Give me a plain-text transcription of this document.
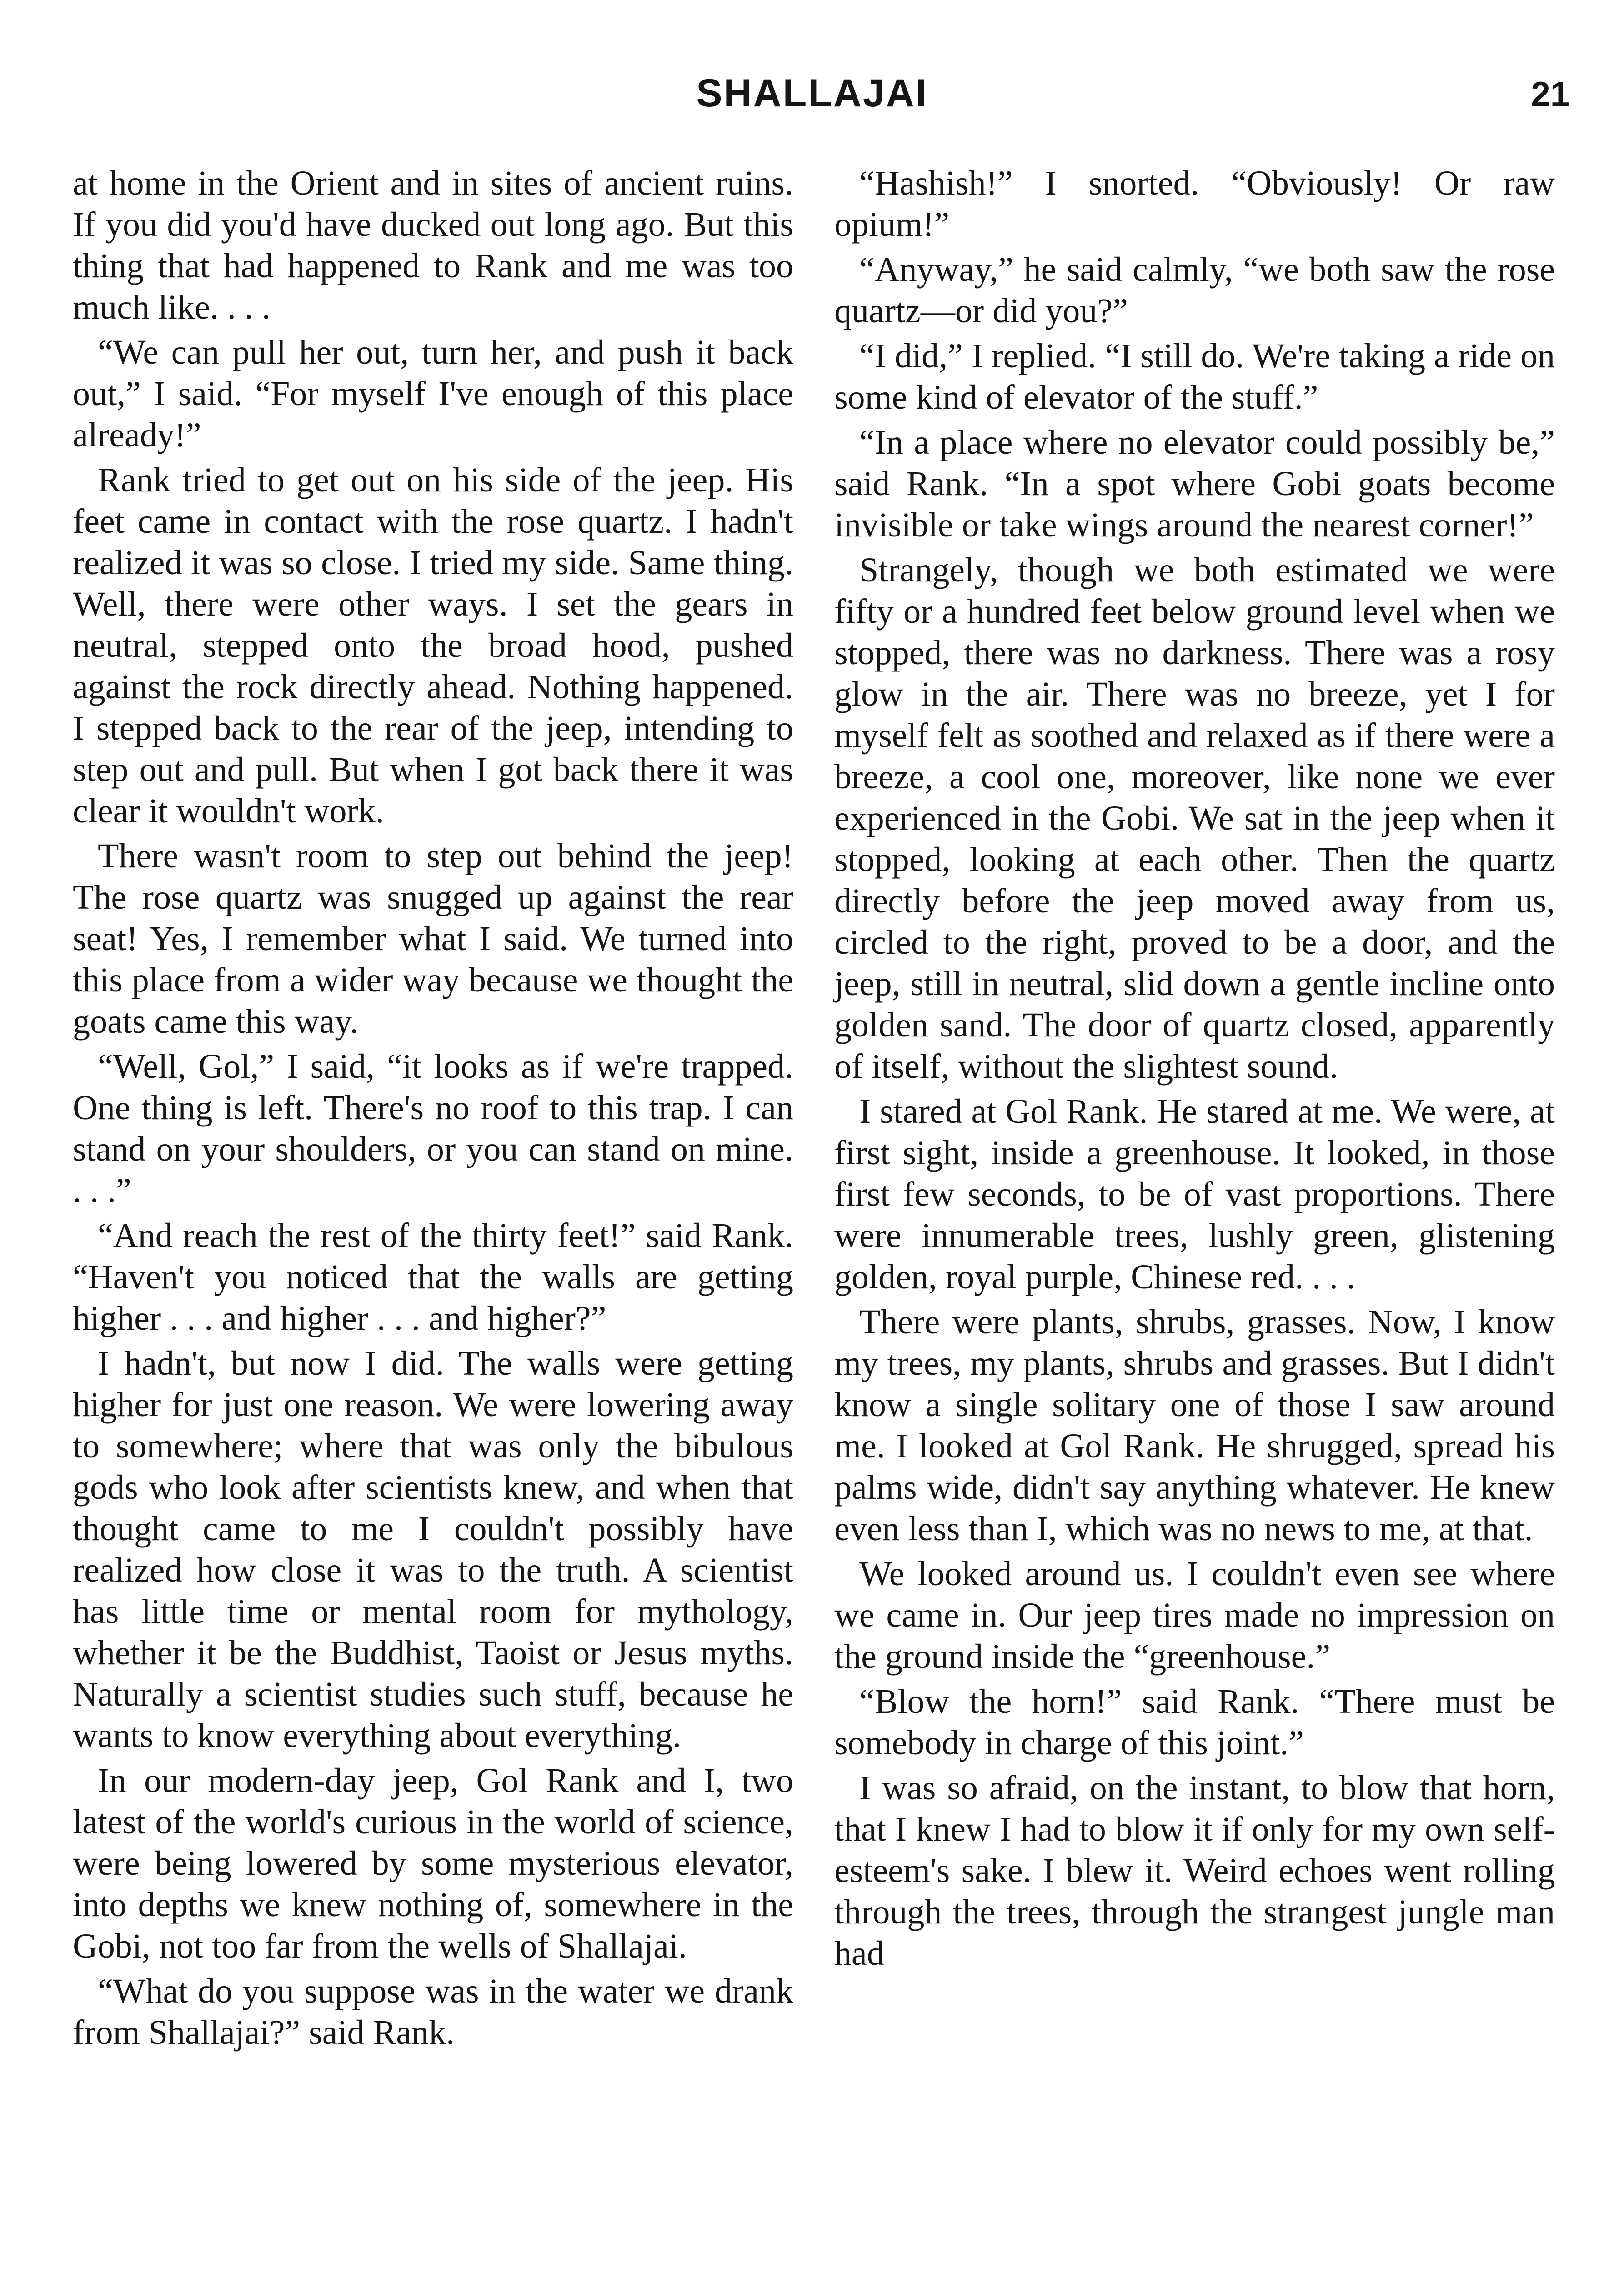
SHALLAJAI	21

at home in the Orient and in sites of ancient ruins. If you did you'd have ducked out long ago. But this thing that had happened to Rank and me was too much like. . . .

“We can pull her out, turn her, and push it back out,” I said. “For myself I've enough of this place already!”

Rank tried to get out on his side of the jeep. His feet came in contact with the rose quartz. I hadn't realized it was so close. I tried my side. Same thing. Well, there were other ways. I set the gears in neutral, stepped onto the broad hood, pushed against the rock directly ahead. Nothing happened. I stepped back to the rear of the jeep, intending to step out and pull. But when I got back there it was clear it wouldn't work.

There wasn't room to step out behind the jeep! The rose quartz was snugged up against the rear seat! Yes, I remember what I said. We turned into this place from a wider way because we thought the goats came this way.

“Well, Gol,” I said, “it looks as if we're trapped. One thing is left. There's no roof to this trap. I can stand on your shoulders, or you can stand on mine. . . .”

“And reach the rest of the thirty feet!” said Rank. “Haven't you noticed that the walls are getting higher . . . and higher . . . and higher?”

I hadn't, but now I did. The walls were getting higher for just one reason. We were lowering away to somewhere; where that was only the bibulous gods who look after scientists knew, and when that thought came to me I couldn't possibly have realized how close it was to the truth. A scientist has little time or mental room for mythology, whether it be the Buddhist, Taoist or Jesus myths. Naturally a scientist studies such stuff, because he wants to know everything about everything.

In our modern-day jeep, Gol Rank and I, two latest of the world's curious in the world of science, were being lowered by some mysterious elevator, into depths we knew nothing of, somewhere in the Gobi, not too far from the wells of Shallajai.

“What do you suppose was in the water we drank from Shallajai?” said Rank.

“Hashish!” I snorted. “Obviously! Or raw opium!”

“Anyway,” he said calmly, “we both saw the rose quartz—or did you?”

“I did,” I replied. “I still do. We're taking a ride on some kind of elevator of the stuff.”

“In a place where no elevator could possibly be,” said Rank. “In a spot where Gobi goats become invisible or take wings around the nearest corner!”

Strangely, though we both estimated we were fifty or a hundred feet below ground level when we stopped, there was no darkness. There was a rosy glow in the air. There was no breeze, yet I for myself felt as soothed and relaxed as if there were a breeze, a cool one, moreover, like none we ever experienced in the Gobi. We sat in the jeep when it stopped, looking at each other. Then the quartz directly before the jeep moved away from us, circled to the right, proved to be a door, and the jeep, still in neutral, slid down a gentle incline onto golden sand. The door of quartz closed, apparently of itself, without the slightest sound.

I stared at Gol Rank. He stared at me. We were, at first sight, inside a greenhouse. It looked, in those first few seconds, to be of vast proportions. There were innumerable trees, lushly green, glistening golden, royal purple, Chinese red. . . .

There were plants, shrubs, grasses. Now, I know my trees, my plants, shrubs and grasses. But I didn't know a single solitary one of those I saw around me. I looked at Gol Rank. He shrugged, spread his palms wide, didn't say anything whatever. He knew even less than I, which was no news to me, at that.

We looked around us. I couldn't even see where we came in. Our jeep tires made no impression on the ground inside the “greenhouse.”

“Blow the horn!” said Rank. “There must be somebody in charge of this joint.”

I was so afraid, on the instant, to blow that horn, that I knew I had to blow it if only for my own self-esteem's sake. I blew it. Weird echoes went rolling through the trees, through the strangest jungle man had
